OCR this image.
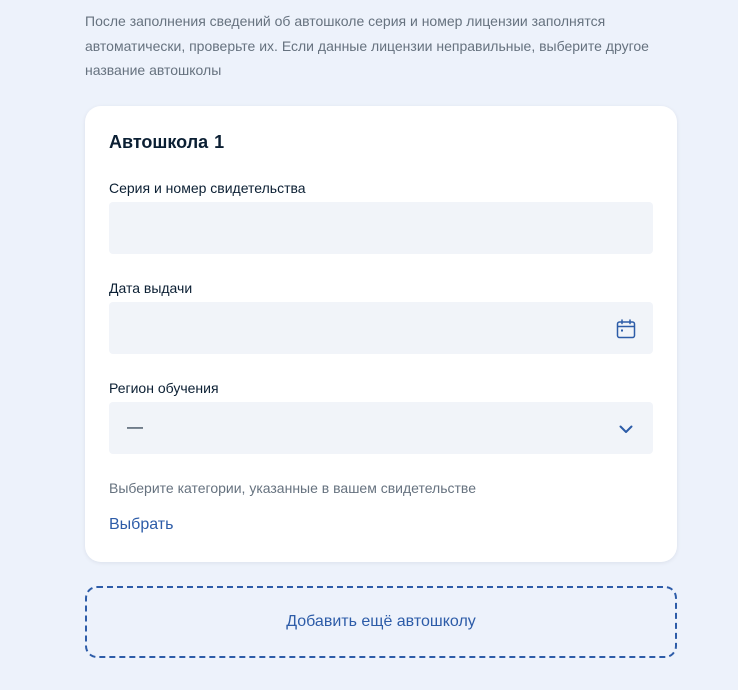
После заполнения сведений об автошколе серия и номер лицензии заполнятся автоматически, проверьте их. Если данные лицензии неправильные, выберите другое название автошколы
Автошкола 1
Серия и номер свидетельства
Дата выдачи
Регион обучения
—
Выберите категории, указанные в вашем свидетельстве
Выбрать
Добавить ещё автошколу
